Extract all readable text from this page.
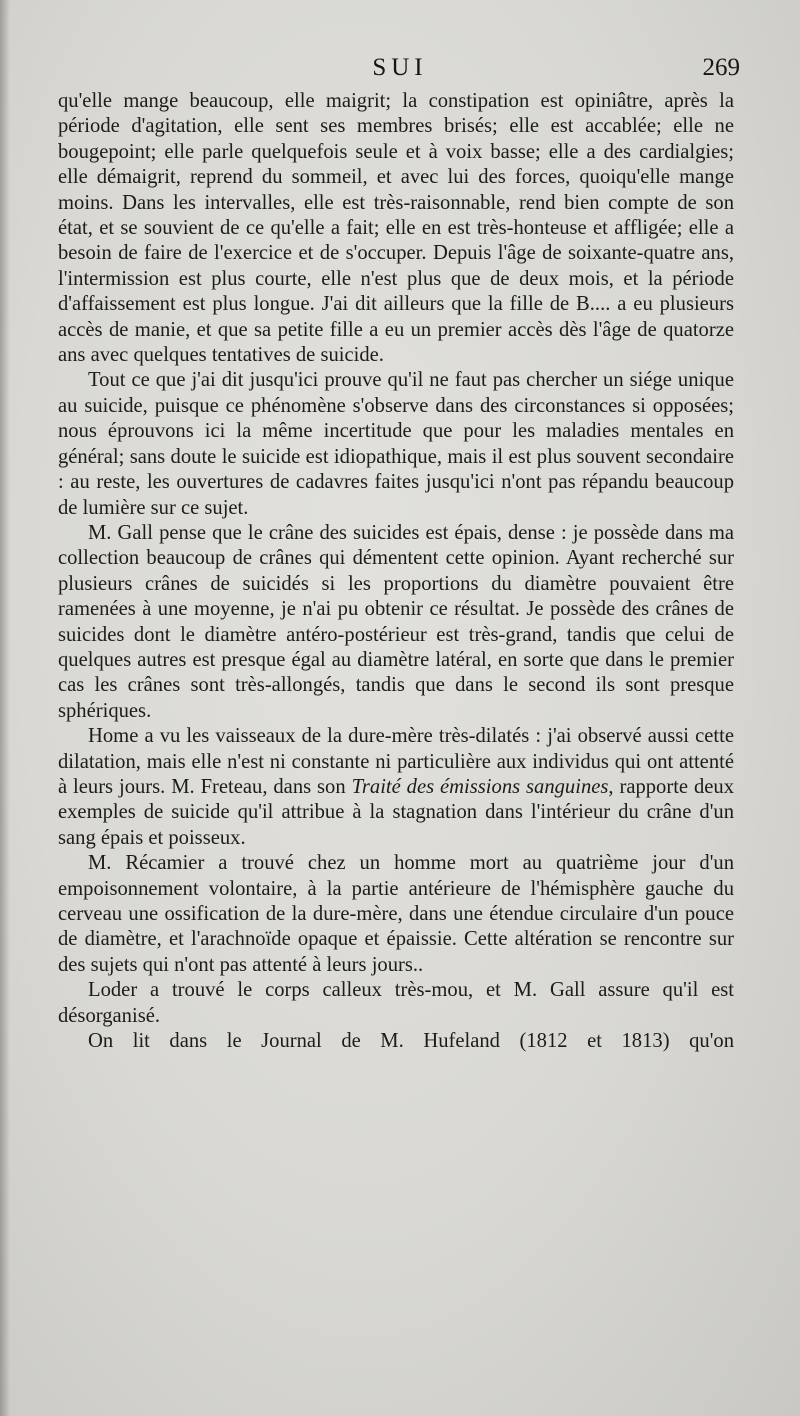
SUI	269

qu'elle mange beaucoup, elle maigrit; la constipation est opiniâtre, après la période d'agitation, elle sent ses membres brisés; elle est accablée; elle ne bougepoint; elle parle quelquefois seule et à voix basse; elle a des cardialgies; elle démaigrit, reprend du sommeil, et avec lui des forces, quoiqu'elle mange moins. Dans les intervalles, elle est très-raisonnable, rend bien compte de son état, et se souvient de ce qu'elle a fait; elle en est très-honteuse et affligée; elle a besoin de faire de l'exercice et de s'occuper. Depuis l'âge de soixante-quatre ans, l'intermission est plus courte, elle n'est plus que de deux mois, et la période d'affaissement est plus longue. J'ai dit ailleurs que la fille de B.... a eu plusieurs accès de manie, et que sa petite fille a eu un premier accès dès l'âge de quatorze ans avec quelques tentatives de suicide.

Tout ce que j'ai dit jusqu'ici prouve qu'il ne faut pas chercher un siége unique au suicide, puisque ce phénomène s'observe dans des circonstances si opposées; nous éprouvons ici la même incertitude que pour les maladies mentales en général; sans doute le suicide est idiopathique, mais il est plus souvent secondaire : au reste, les ouvertures de cadavres faites jusqu'ici n'ont pas répandu beaucoup de lumière sur ce sujet.

M. Gall pense que le crâne des suicides est épais, dense : je possède dans ma collection beaucoup de crânes qui démentent cette opinion. Ayant recherché sur plusieurs crânes de suicidés si les proportions du diamètre pouvaient être ramenées à une moyenne, je n'ai pu obtenir ce résultat. Je possède des crânes de suicides dont le diamètre antéro-postérieur est très-grand, tandis que celui de quelques autres est presque égal au diamètre latéral, en sorte que dans le premier cas les crânes sont très-allongés, tandis que dans le second ils sont presque sphériques.

Home a vu les vaisseaux de la dure-mère très-dilatés : j'ai observé aussi cette dilatation, mais elle n'est ni constante ni particulière aux individus qui ont attenté à leurs jours. M. Freteau, dans son Traité des émissions sanguines, rapporte deux exemples de suicide qu'il attribue à la stagnation dans l'intérieur du crâne d'un sang épais et poisseux.

M. Récamier a trouvé chez un homme mort au quatrième jour d'un empoisonnement volontaire, à la partie antérieure de l'hémisphère gauche du cerveau une ossification de la dure-mère, dans une étendue circulaire d'un pouce de diamètre, et l'arachnoïde opaque et épaissie. Cette altération se rencontre sur des sujets qui n'ont pas attenté à leurs jours..

Loder a trouvé le corps calleux très-mou, et M. Gall assure qu'il est désorganisé.

On lit dans le Journal de M. Hufeland (1812 et 1813) qu'on
